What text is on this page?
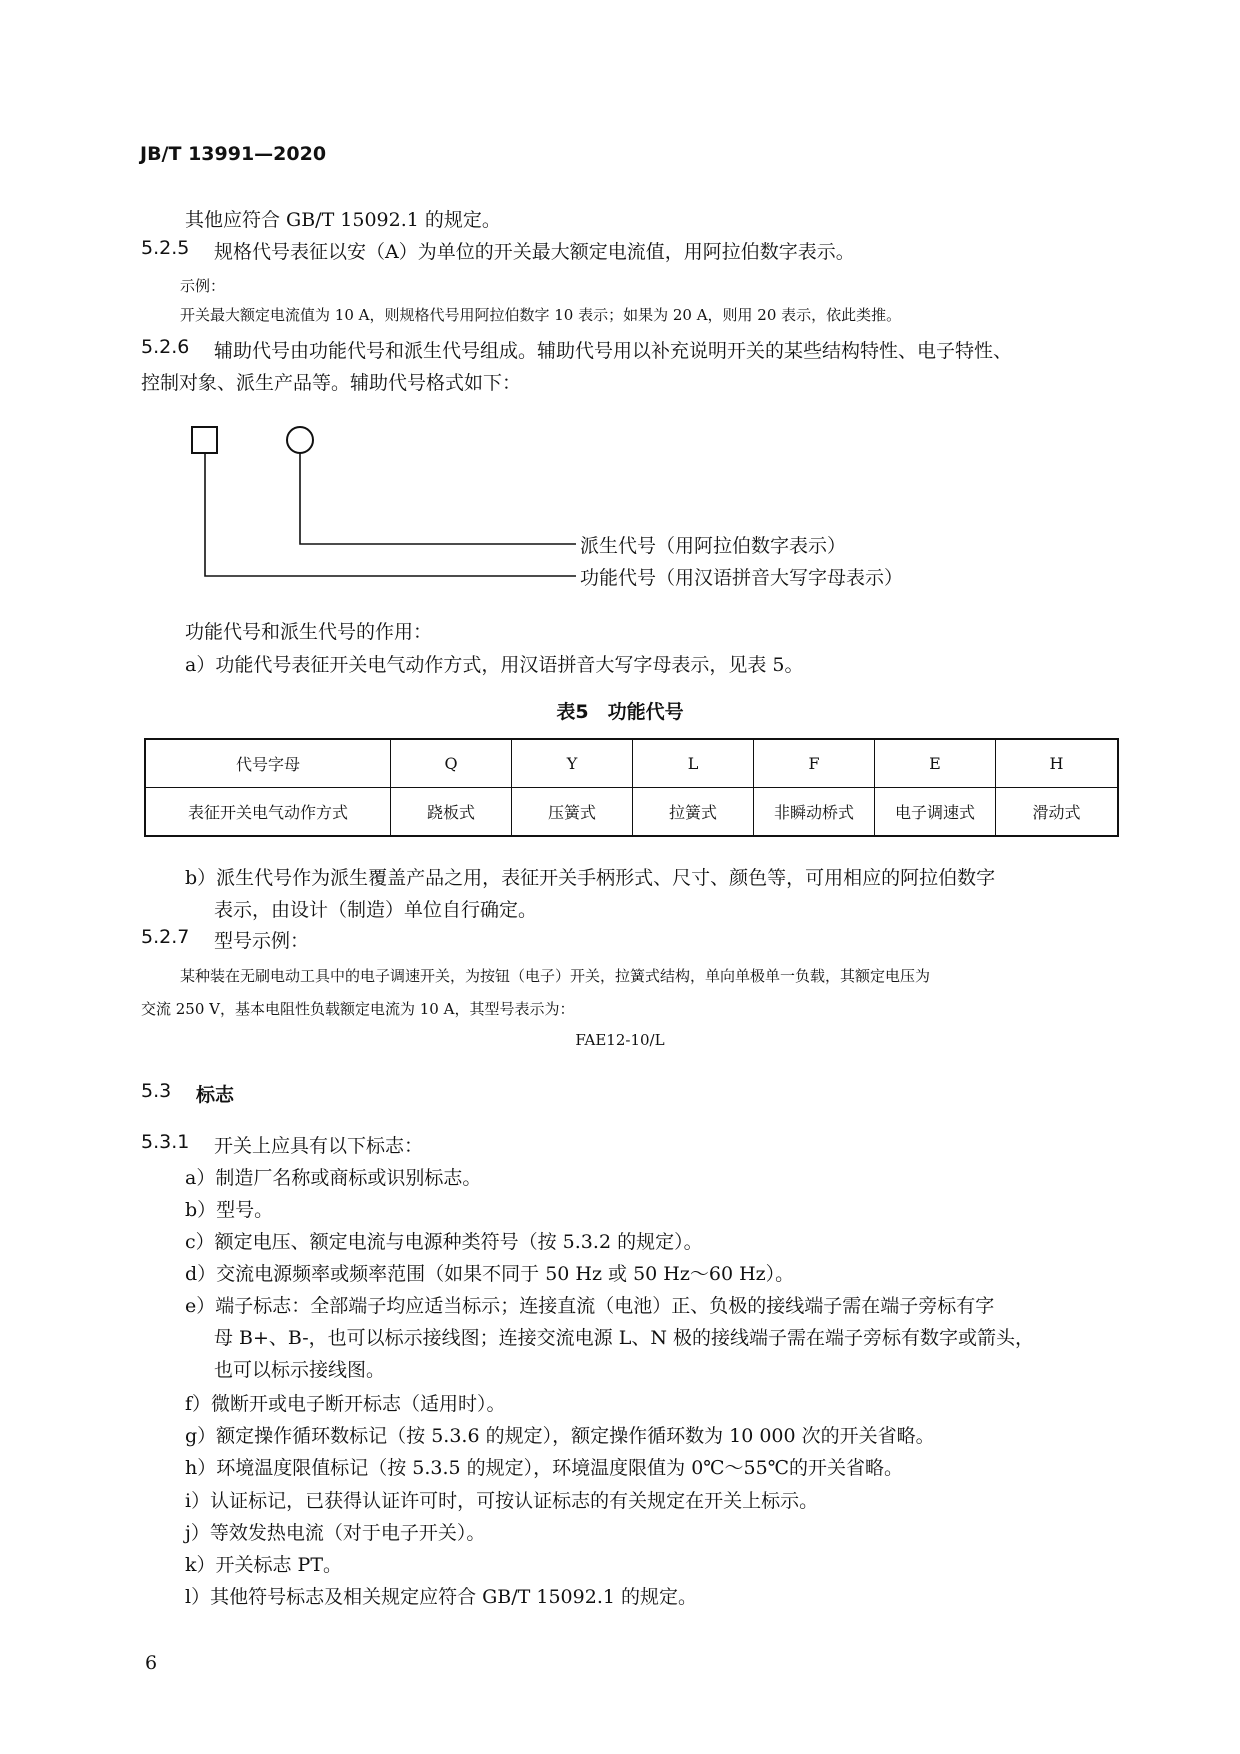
JB/T 13991—2020
其他应符合 GB/T 15092.1 的规定。
5.2.5 规格代号表征以安（A）为单位的开关最大额定电流值，用阿拉伯数字表示。
示例：
开关最大额定电流值为 10 A，则规格代号用阿拉伯数字 10 表示；如果为 20 A，则用 20 表示，依此类推。
5.2.6 辅助代号由功能代号和派生代号组成。辅助代号用以补充说明开关的某些结构特性、电子特性、
控制对象、派生产品等。辅助代号格式如下：
派生代号（用阿拉伯数字表示）
功能代号（用汉语拼音大写字母表示）
功能代号和派生代号的作用：
a）功能代号表征开关电气动作方式，用汉语拼音大写字母表示，见表 5。
表5　功能代号
代号字母	Q	Y	L	F	E	H
表征开关电气动作方式	跷板式	压簧式	拉簧式	非瞬动桥式	电子调速式	滑动式
b）派生代号作为派生覆盖产品之用，表征开关手柄形式、尺寸、颜色等，可用相应的阿拉伯数字
表示，由设计（制造）单位自行确定。
5.2.7 型号示例：
某种装在无刷电动工具中的电子调速开关，为按钮（电子）开关，拉簧式结构，单向单极单一负载，其额定电压为
交流 250 V，基本电阻性负载额定电流为 10 A，其型号表示为：
FAE12-10/L
5.3 标志
5.3.1 开关上应具有以下标志：
a）制造厂名称或商标或识别标志。
b）型号。
c）额定电压、额定电流与电源种类符号（按 5.3.2 的规定）。
d）交流电源频率或频率范围（如果不同于 50 Hz 或 50 Hz～60 Hz）。
e）端子标志：全部端子均应适当标示；连接直流（电池）正、负极的接线端子需在端子旁标有字
母 B+、B-，也可以标示接线图；连接交流电源 L、N 极的接线端子需在端子旁标有数字或箭头，
也可以标示接线图。
f）微断开或电子断开标志（适用时）。
g）额定操作循环数标记（按 5.3.6 的规定），额定操作循环数为 10 000 次的开关省略。
h）环境温度限值标记（按 5.3.5 的规定），环境温度限值为 0℃～55℃的开关省略。
i）认证标记，已获得认证许可时，可按认证标志的有关规定在开关上标示。
j）等效发热电流（对于电子开关）。
k）开关标志 PT。
l）其他符号标志及相关规定应符合 GB/T 15092.1 的规定。
6
